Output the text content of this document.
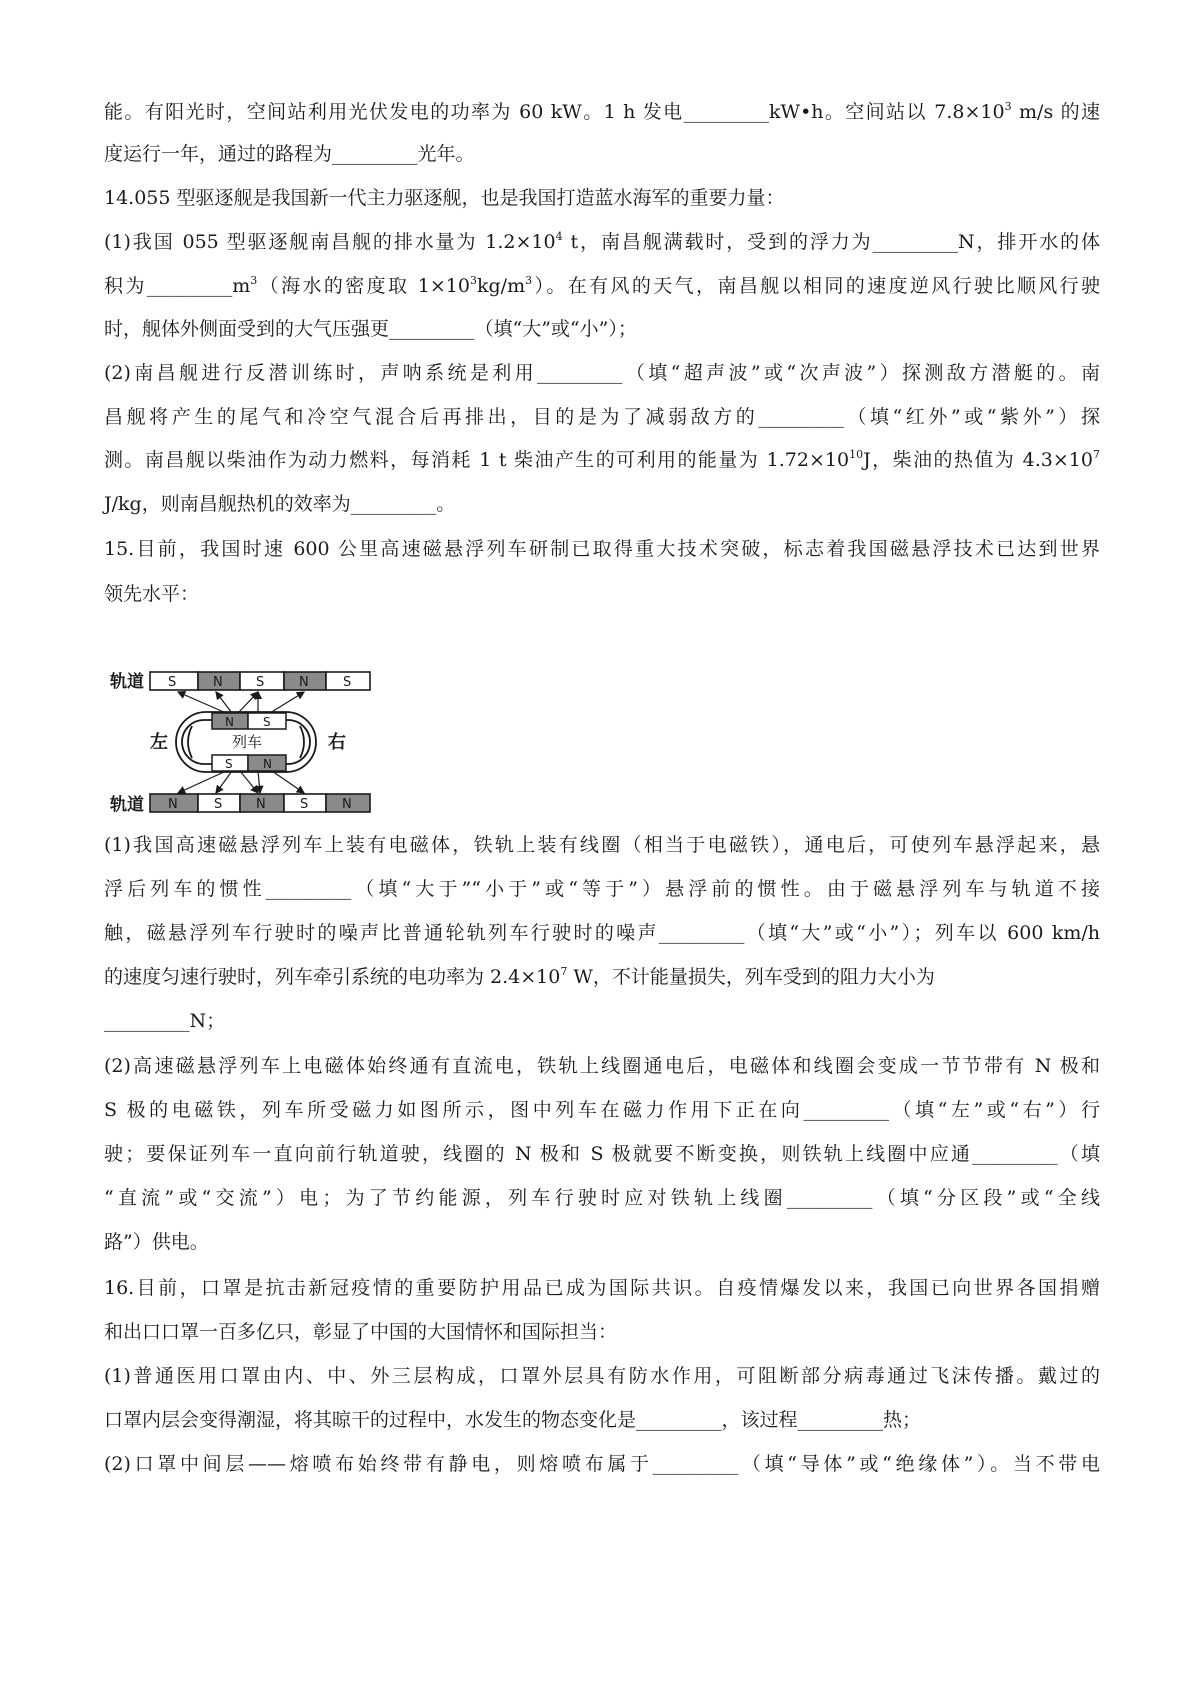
能。有阳光时，空间站利用光伏发电的功率为 60 kW。1 h 发电_________kW•h。空间站以 $7.8\times 10^3$ m/s 的速
度运行一年，通过的路程为_________光年。
14.055 型驱逐舰是我国新一代主力驱逐舰，也是我国打造蓝水海军的重要力量：
(1)我国 055 型驱逐舰南昌舰的排水量为 $1.2\times 10^4$ t，南昌舰满载时，受到的浮力为_________N，排开水的体
积为$\_\_\_\_\_\_\_\_\_m^3$（海水的密度取 $1\times 10^3kg/m^3$）。在有风的天气，南昌舰以相同的速度逆风行驶比顺风行驶
时，舰体外侧面受到的大气压强更_________（填“大”或“小”）；
(2)南昌舰进行反潜训练时，声呐系统是利用_________（填“超声波”或“次声波”）探测敌方潜艇的。南
昌舰将产生的尾气和冷空气混合后再排出，目的是为了减弱敌方的_________（填“红外”或“紫外”）探
测。南昌舰以柴油作为动力燃料，每消耗 1 t 柴油产生的可利用的能量为 $1.72\times 10^{10}J$，柴油的热值为 $4.3\times 10^7$
J/kg，则南昌舰热机的效率为_________。
15.目前，我国时速 600 公里高速磁悬浮列车研制已取得重大技术突破，标志着我国磁悬浮技术已达到世界
领先水平：
轨道
轨道
左	右
S	N	S	N	S
N	S	N	S	N
N S
S	N
列车
(1)我国高速磁悬浮列车上装有电磁体，铁轨上装有线圈（相当于电磁铁），通电后，可使列车悬浮起来，悬
浮后列车的惯性_________（填“大于”“小于”或“等于”）悬浮前的惯性。由于磁悬浮列车与轨道不接
触，磁悬浮列车行驶时的噪声比普通轮轨列车行驶时的噪声_________（填“大”或“小”）；列车以 600 km/h
的速度匀速行驶时，列车牵引系统的电功率为 $2.4\times 10^7$ W，不计能量损失，列车受到的阻力大小为
_________N；
(2)高速磁悬浮列车上电磁体始终通有直流电，铁轨上线圈通电后，电磁体和线圈会变成一节节带有 N 极和
S 极的电磁铁，列车所受磁力如图所示，图中列车在磁力作用下正在向_________（填“左”或“右”）行
驶；要保证列车一直向前行轨道驶，线圈的 N 极和 S 极就要不断变换，则铁轨上线圈中应通_________（填
“直流”或“交流”）电；为了节约能源，列车行驶时应对铁轨上线圈_________（填“分区段”或“全线
路”）供电。
16.目前，口罩是抗击新冠疫情的重要防护用品已成为国际共识。自疫情爆发以来，我国已向世界各国捐赠
和出口口罩一百多亿只，彰显了中国的大国情怀和国际担当：
(1)普通医用口罩由内、中、外三层构成，口罩外层具有防水作用，可阻断部分病毒通过飞沫传播。戴过的
口罩内层会变得潮湿，将其晾干的过程中，水发生的物态变化是_________，该过程_________热；
(2)口罩中间层——熔喷布始终带有静电，则熔喷布属于_________（填“导体”或“绝缘体”）。当不带电
